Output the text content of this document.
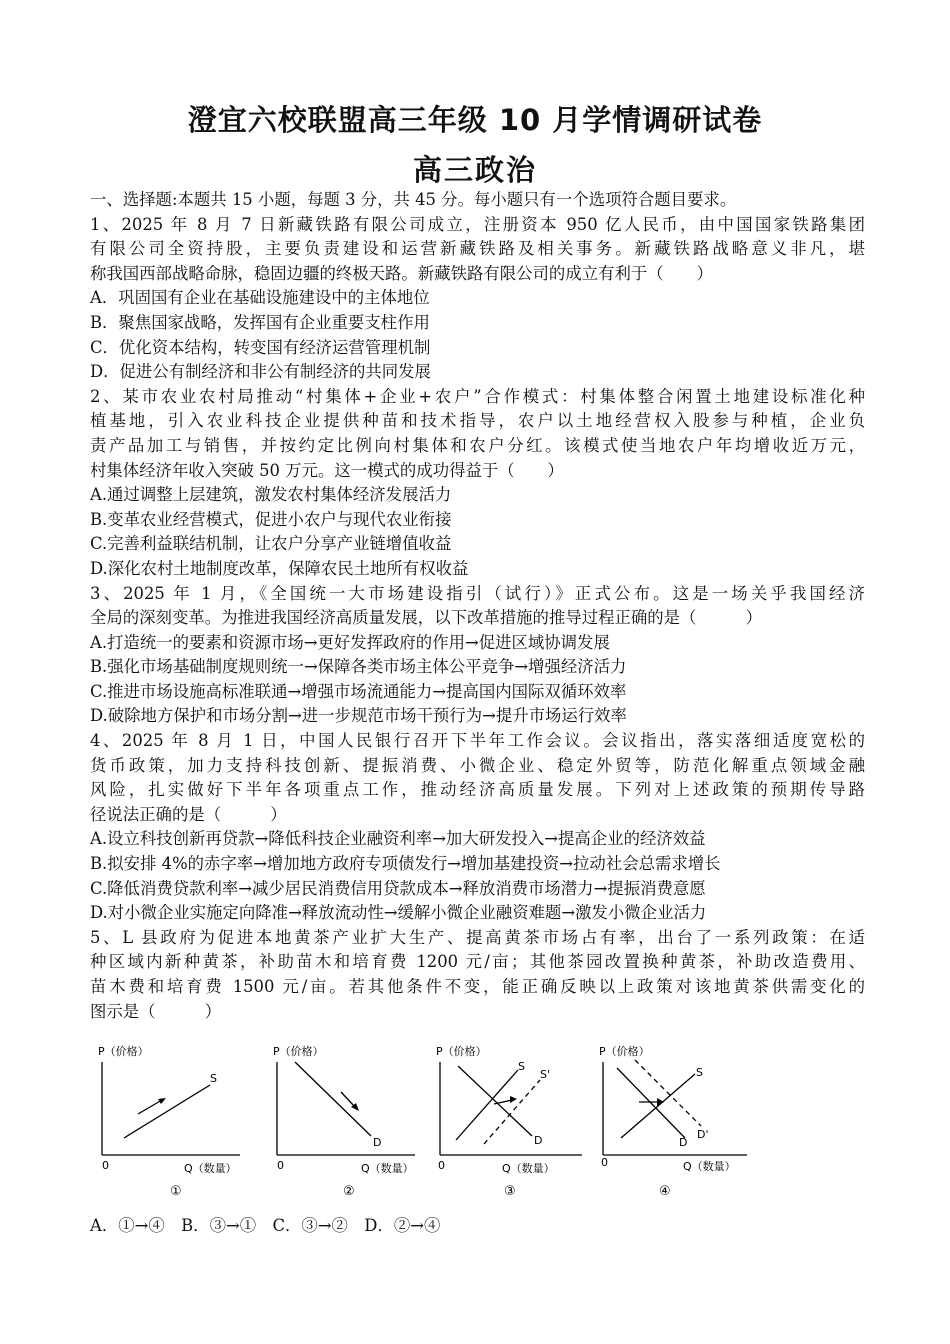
澄宜六校联盟高三年级 10 月学情调研试卷
高三政治
一、选择题:本题共 15 小题，每题 3 分，共 45 分。每小题只有一个选项符合题目要求。
1、2025 年 8 月 7 日新藏铁路有限公司成立，注册资本 950 亿人民币，由中国国家铁路集团
有限公司全资持股，主要负责建设和运营新藏铁路及相关事务。新藏铁路战略意义非凡，堪
称我国西部战略命脉，稳固边疆的终极天路。新藏铁路有限公司的成立有利于（　　）
A．巩固国有企业在基础设施建设中的主体地位
B．聚焦国家战略，发挥国有企业重要支柱作用
C．优化资本结构，转变国有经济运营管理机制
D．促进公有制经济和非公有制经济的共同发展
2、某市农业农村局推动“村集体+企业+农户”合作模式：村集体整合闲置土地建设标准化种
植基地，引入农业科技企业提供种苗和技术指导，农户以土地经营权入股参与种植，企业负
责产品加工与销售，并按约定比例向村集体和农户分红。该模式使当地农户年均增收近万元，
村集体经济年收入突破 50 万元。这一模式的成功得益于（　　）
A.通过调整上层建筑，激发农村集体经济发展活力
B.变革农业经营模式，促进小农户与现代农业衔接
C.完善利益联结机制，让农户分享产业链增值收益
D.深化农村土地制度改革，保障农民土地所有权收益
3、2025 年 1 月，《全国统一大市场建设指引（试行）》正式公布。这是一场关乎我国经济
全局的深刻变革。为推进我国经济高质量发展，以下改革措施的推导过程正确的是（　　　）
A.打造统一的要素和资源市场→更好发挥政府的作用→促进区域协调发展
B.强化市场基础制度规则统一→保障各类市场主体公平竞争→增强经济活力
C.推进市场设施高标准联通→增强市场流通能力→提高国内国际双循环效率
D.破除地方保护和市场分割→进一步规范市场干预行为→提升市场运行效率
4、2025 年 8 月 1 日，中国人民银行召开下半年工作会议。会议指出，落实落细适度宽松的
货币政策，加力支持科技创新、提振消费、小微企业、稳定外贸等，防范化解重点领域金融
风险，扎实做好下半年各项重点工作，推动经济高质量发展。下列对上述政策的预期传导路
径说法正确的是（　　　）
A.设立科技创新再贷款→降低科技企业融资利率→加大研发投入→提高企业的经济效益
B.拟安排 4%的赤字率→增加地方政府专项债发行→增加基建投资→拉动社会总需求增长
C.降低消费贷款利率→减少居民消费信用贷款成本→释放消费市场潜力→提振消费意愿
D.对小微企业实施定向降准→释放流动性→缓解小微企业融资难题→激发小微企业活力
5、L 县政府为促进本地黄茶产业扩大生产、提高黄茶市场占有率，出台了一系列政策：在适
种区域内新种黄茶，补助苗木和培育费 1200 元/亩；其他茶园改置换种黄茶，补助改造费用、
苗木费和培育费 1500 元/亩。若其他条件不变，能正确反映以上政策对该地黄茶供需变化的
图示是（　　　）
P（价格）
0	Q（数量）
S
①
P（价格）
0	Q（数量）
D
②
P（价格）
0	Q（数量）
S
S'
D
③
P（价格）
0	Q（数量）
S
D
D'
④
A．①→④　B．③→①　C．③→②　D．②→④
